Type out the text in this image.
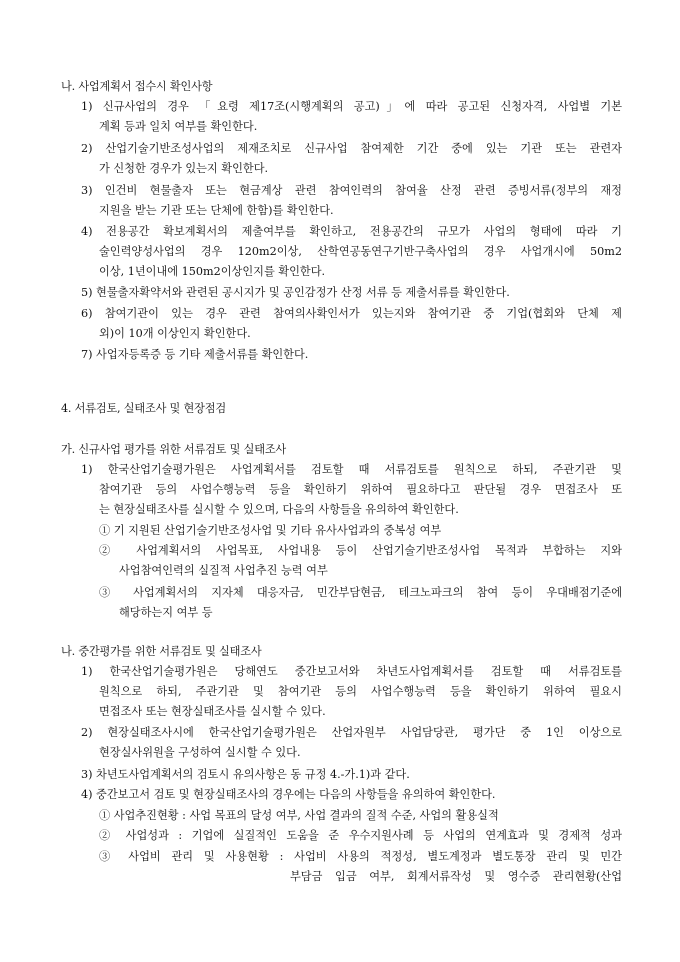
나. 사업계획서 접수시 확인사항
1) 신규사업의 경우 「요령 제17조(시행계획의 공고)」에 따라 공고된 신청자격, 사업별 기본
계획 등과 일치 여부를 확인한다.
2) 산업기술기반조성사업의 제재조치로 신규사업 참여제한 기간 중에 있는 기관 또는 관련자
가 신청한 경우가 있는지 확인한다.
3) 인건비 현물출자 또는 현금계상 관련 참여인력의 참여율 산정 관련 증빙서류(정부의 재정
지원을 받는 기관 또는 단체에 한함)를 확인한다.
4) 전용공간 확보계획서의 제출여부를 확인하고, 전용공간의 규모가 사업의 형태에 따라 기
술인력양성사업의 경우 120m2이상, 산학연공동연구기반구축사업의 경우 사업개시에 50m2
이상, 1년이내에 150m2이상인지를 확인한다.
5) 현물출자확약서와 관련된 공시지가 및 공인감정가 산정 서류 등 제출서류를 확인한다.
6) 참여기관이 있는 경우 관련 참여의사확인서가 있는지와 참여기관 중 기업(협회와 단체 제
외)이 10개 이상인지 확인한다.
7) 사업자등록증 등 기타 제출서류를 확인한다.
4. 서류검토, 실태조사 및 현장점검
가. 신규사업 평가를 위한 서류검토 및 실태조사
1) 한국산업기술평가원은 사업계획서를 검토할 때 서류검토를 원칙으로 하되, 주관기관 및
참여기관 등의 사업수행능력 등을 확인하기 위하여 필요하다고 판단될 경우 면접조사 또
는 현장실태조사를 실시할 수 있으며, 다음의 사항들을 유의하여 확인한다.
① 기 지원된 산업기술기반조성사업 및 기타 유사사업과의 중복성 여부
② 사업계획서의 사업목표, 사업내용 등이 산업기술기반조성사업 목적과 부합하는 지와
사업참여인력의 실질적 사업추진 능력 여부
③ 사업계획서의 지자체 대응자금, 민간부담현금, 테크노파크의 참여 등이 우대배점기준에
해당하는지 여부 등
나. 중간평가를 위한 서류검토 및 실태조사
1) 한국산업기술평가원은 당해연도 중간보고서와 차년도사업계획서를 검토할 때 서류검토를
원칙으로 하되, 주관기관 및 참여기관 등의 사업수행능력 등을 확인하기 위하여 필요시
면접조사 또는 현장실태조사를 실시할 수 있다.
2) 현장실태조사시에 한국산업기술평가원은 산업자원부 사업담당관, 평가단 중 1인 이상으로
현장실사위원을 구성하여 실시할 수 있다.
3) 차년도사업계획서의 검토시 유의사항은 동 규정 4.-가.1)과 같다.
4) 중간보고서 검토 및 현장실태조사의 경우에는 다음의 사항들을 유의하여 확인한다.
① 사업추진현황 : 사업 목표의 달성 여부, 사업 결과의 질적 수준, 사업의 활용실적
② 사업성과 : 기업에 실질적인 도움을 준 우수지원사례 등 사업의 연계효과 및 경제적 성과
③ 사업비 관리 및 사용현황 : 사업비 사용의 적정성, 별도계정과 별도통장 관리 및 민간
부담금 입금 여부, 회계서류작성 및 영수증 관리현황(산업
